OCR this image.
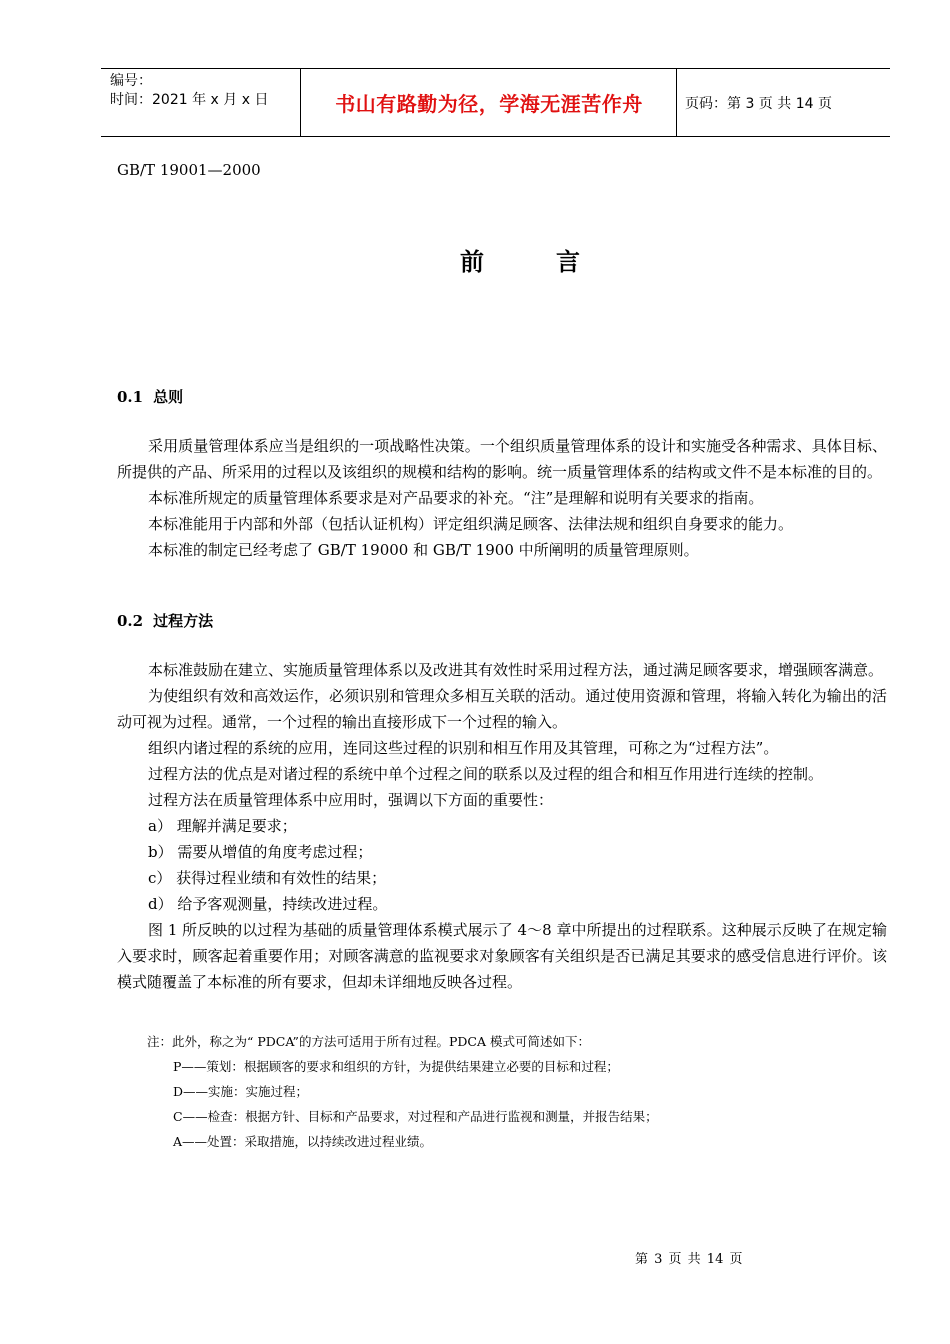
编号：
时间：2021 年 x 月 x 日	书山有路勤为径，学海无涯苦作舟	页码：第 3 页 共 14 页
GB/T 19001—2000
前	言
0.1 总则

采用质量管理体系应当是组织的一项战略性决策。一个组织质量管理体系的设计和实施受各种需求、具体目标、所提供的产品、所采用的过程以及该组织的规模和结构的影响。统一质量管理体系的结构或文件不是本标准的目的。

本标准所规定的质量管理体系要求是对产品要求的补充。“注”是理解和说明有关要求的指南。

本标准能用于内部和外部（包括认证机构）评定组织满足顾客、法律法规和组织自身要求的能力。

本标准的制定已经考虑了 GB/T 19000 和 GB/T 1900 中所阐明的质量管理原则。

0.2 过程方法

本标准鼓励在建立、实施质量管理体系以及改进其有效性时采用过程方法，通过满足顾客要求，增强顾客满意。

为使组织有效和高效运作，必须识别和管理众多相互关联的活动。通过使用资源和管理，将输入转化为输出的活动可视为过程。通常，一个过程的输出直接形成下一个过程的输入。

组织内诸过程的系统的应用，连同这些过程的识别和相互作用及其管理，可称之为“过程方法”。

过程方法的优点是对诸过程的系统中单个过程之间的联系以及过程的组合和相互作用进行连续的控制。

过程方法在质量管理体系中应用时，强调以下方面的重要性：

a） 理解并满足要求；

b） 需要从增值的角度考虑过程；

c） 获得过程业绩和有效性的结果；

d） 给予客观测量，持续改进过程。

图 1 所反映的以过程为基础的质量管理体系模式展示了 4～8 章中所提出的过程联系。这种展示反映了在规定输入要求时，顾客起着重要作用；对顾客满意的监视要求对象顾客有关组织是否已满足其要求的感受信息进行评价。该模式随覆盖了本标准的所有要求，但却未详细地反映各过程。

注：此外，称之为“ PDCA”的方法可适用于所有过程。PDCA 模式可简述如下：

P——策划：根据顾客的要求和组织的方针，为提供结果建立必要的目标和过程；

D——实施：实施过程；

C——检查：根据方针、目标和产品要求，对过程和产品进行监视和测量，并报告结果；

A——处置：采取措施，以持续改进过程业绩。

第 3 页 共 14 页
